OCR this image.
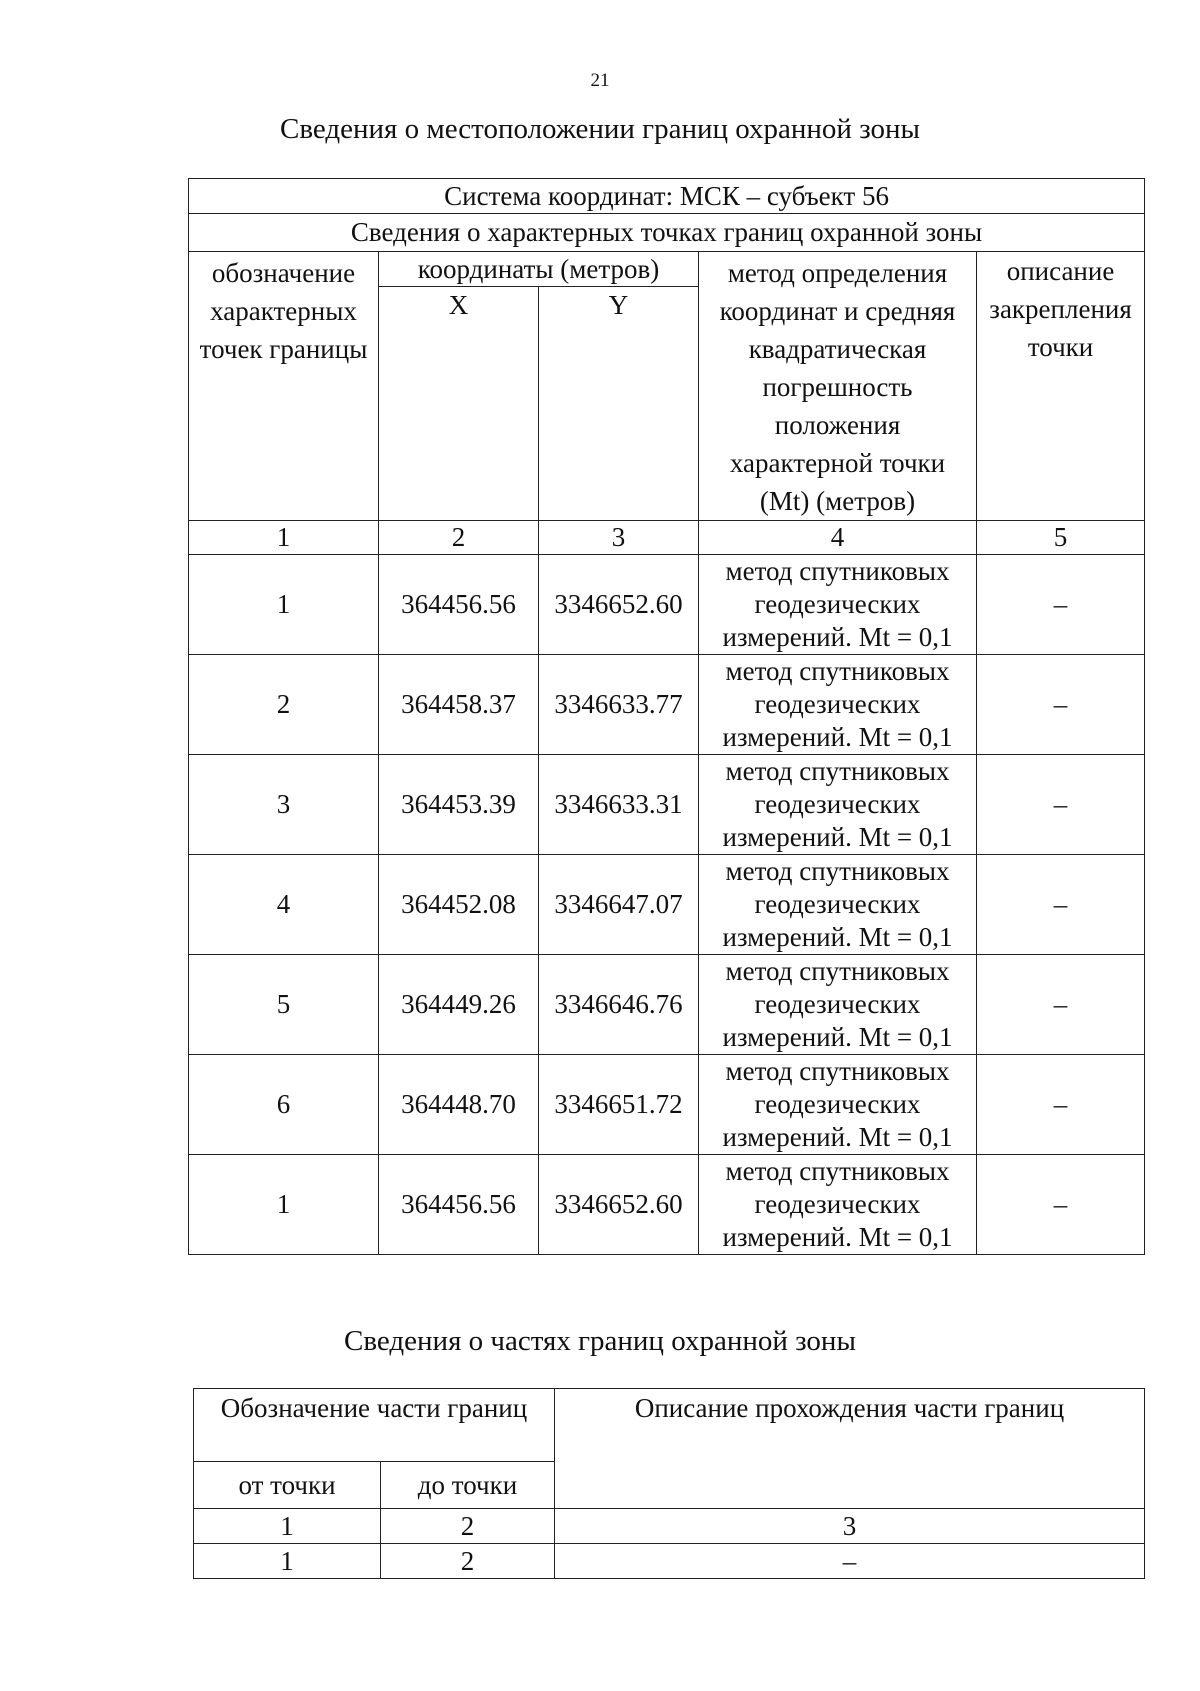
21
Сведения о местоположении границ охранной зоны
Система координат: МСК – субъект 56				
Сведения о характерных точках границ охранной зоны				
обозначение характерных точек границы	координаты (метров)		метод определения координат и средняя квадратическая погрешность положения характерной точки (Mt) (метров)	описание закрепления точки
	X	Y		
1	2	3	4	5
1	364456.56	3346652.60	метод спутниковых геодезических измерений. Mt = 0,1	–
2	364458.37	3346633.77	метод спутниковых геодезических измерений. Mt = 0,1	–
3	364453.39	3346633.31	метод спутниковых геодезических измерений. Mt = 0,1	–
4	364452.08	3346647.07	метод спутниковых геодезических измерений. Mt = 0,1	–
5	364449.26	3346646.76	метод спутниковых геодезических измерений. Mt = 0,1	–
6	364448.70	3346651.72	метод спутниковых геодезических измерений. Mt = 0,1	–
1	364456.56	3346652.60	метод спутниковых геодезических измерений. Mt = 0,1	–
Сведения о частях границ охранной зоны
Обозначение части границ		Описание прохождения части границ
от точки	до точки	
1	2	3
1	2	–
